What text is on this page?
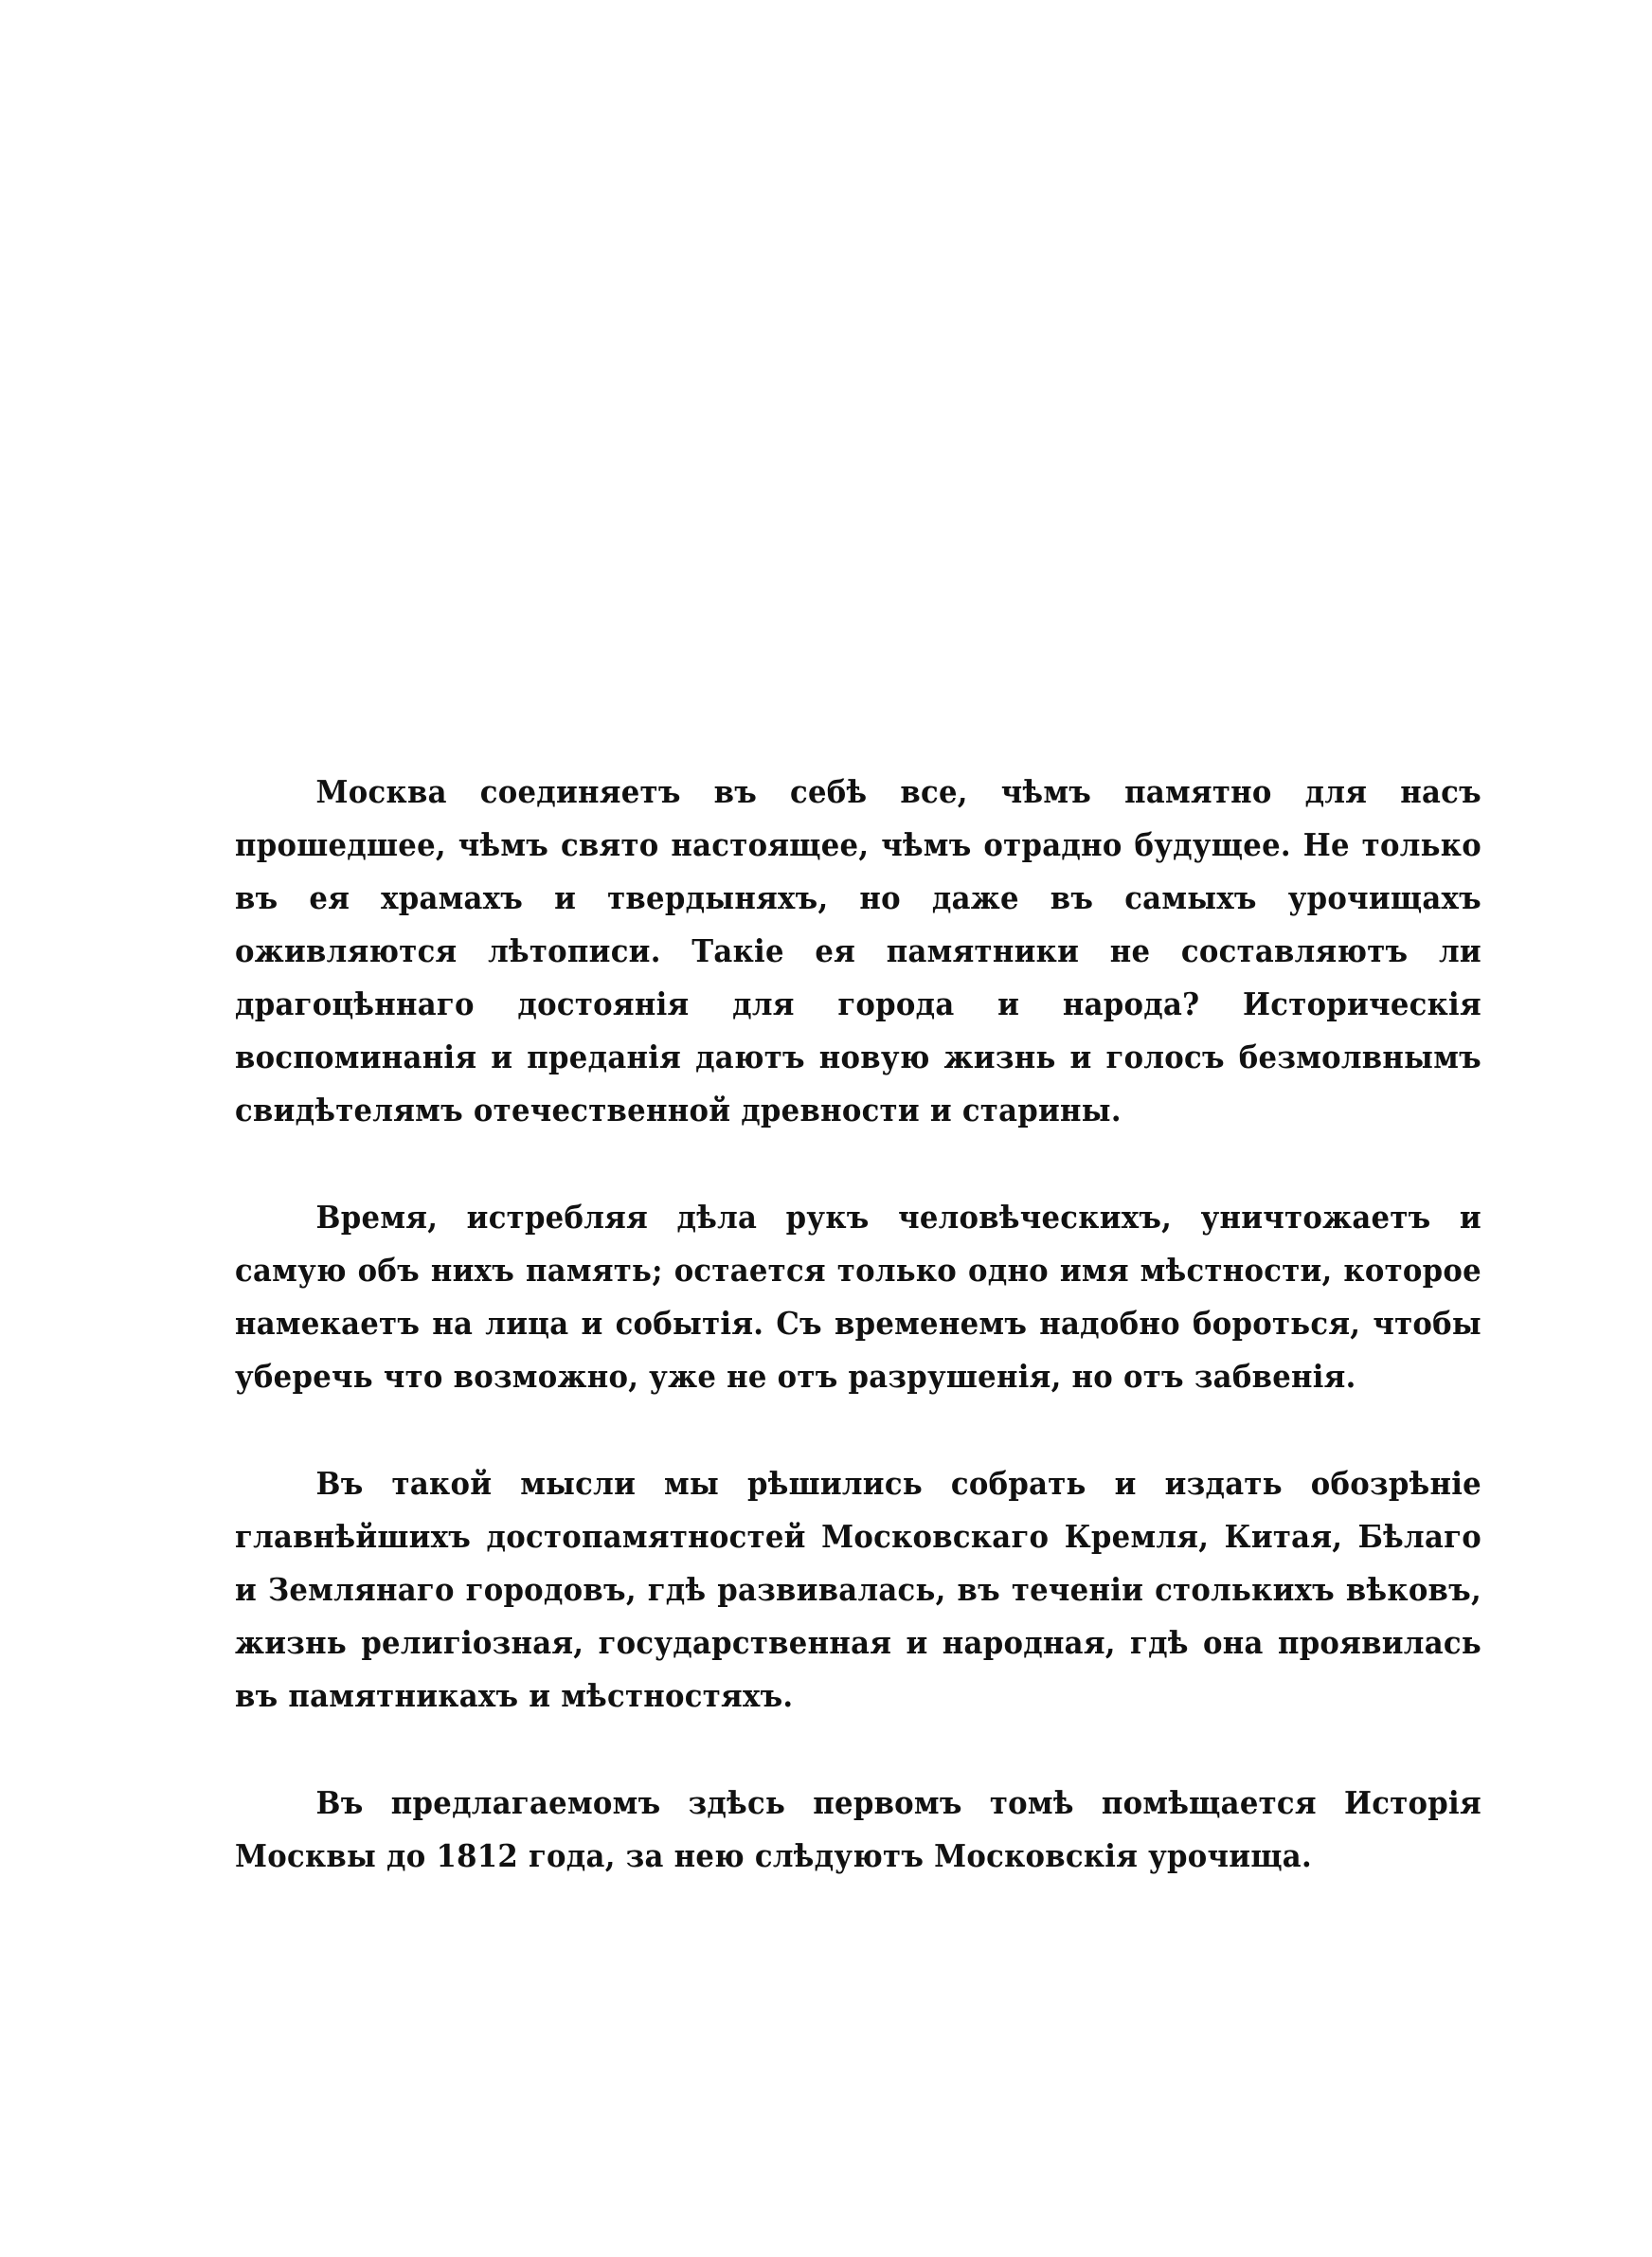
Москва соединяетъ въ себѣ все, чѣмъ памятно для насъ прошедшее, чѣмъ свято настоящее, чѣмъ отрадно будущее. Не только въ ея храмахъ и твердыняхъ, но даже въ самыхъ урочищахъ оживляются лѣтописи. Такіе ея памятники не составляютъ ли драгоцѣннаго достоянія для города и народа? Историческія воспоминанія и преданія даютъ новую жизнь и голосъ безмолвнымъ свидѣтелямъ отечественной древности и старины.

Время, истребляя дѣла рукъ человѣческихъ, уничтожаетъ и самую объ нихъ память; остается только одно имя мѣстности, которое намекаетъ на лица и событія. Съ временемъ надобно бороться, чтобы уберечь что возможно, уже не отъ разрушенія, но отъ забвенія.

Въ такой мысли мы рѣшились собрать и издать обозрѣніе главнѣйшихъ достопамятностей Московскаго Кремля, Китая, Бѣлаго и Землянаго городовъ, гдѣ развивалась, въ теченіи столькихъ вѣковъ, жизнь религіозная, государственная и народная, гдѣ она проявилась въ памятникахъ и мѣстностяхъ.

Въ предлагаемомъ здѣсь первомъ томѣ помѣщается Исторія Москвы до 1812 года, за нею слѣдуютъ Московскія урочища.
